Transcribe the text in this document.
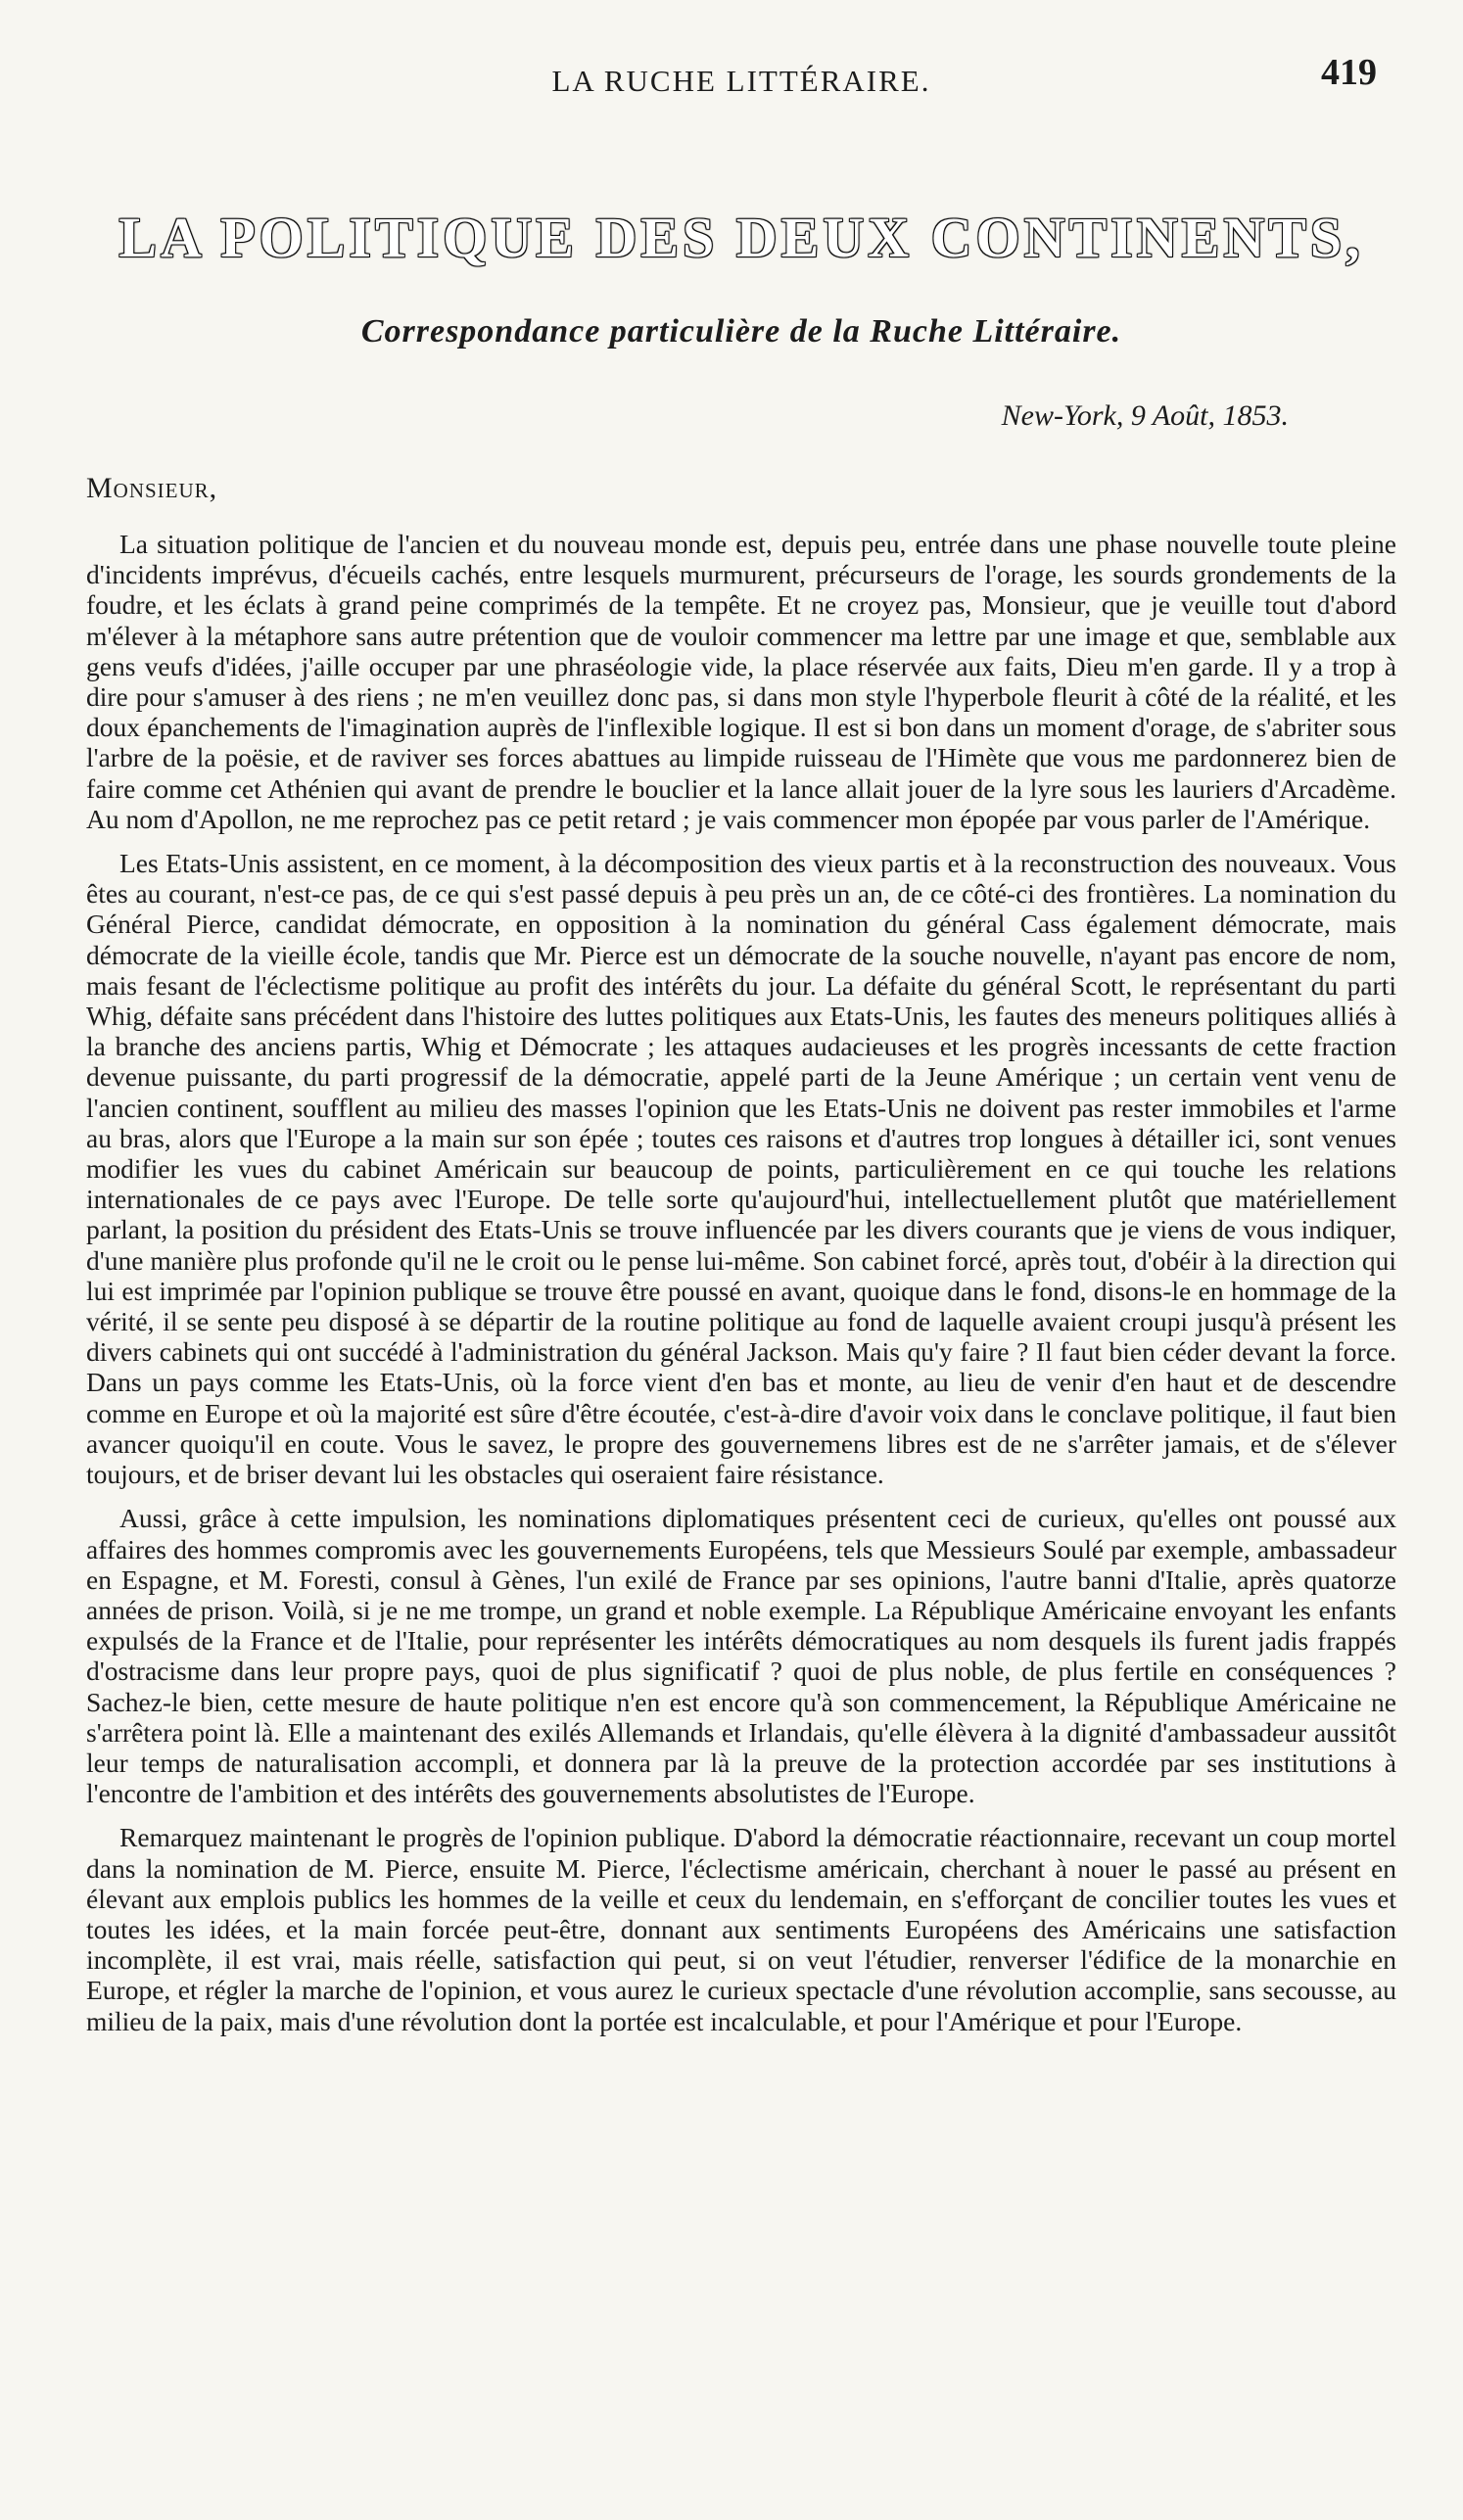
LA RUCHE LITTÉRAIRE.	419
LA POLITIQUE DES DEUX CONTINENTS,
Correspondance particulière de la Ruche Littéraire.
New-York, 9 Août, 1853.
Monsieur,

La situation politique de l'ancien et du nouveau monde est, depuis peu, entrée dans une phase nouvelle toute pleine d'incidents imprévus, d'écueils cachés, entre lesquels murmurent, précurseurs de l'orage, les sourds grondements de la foudre, et les éclats à grand peine comprimés de la tempête. Et ne croyez pas, Monsieur, que je veuille tout d'abord m'élever à la métaphore sans autre prétention que de vouloir commencer ma lettre par une image et que, semblable aux gens veufs d'idées, j'aille occuper par une phraséologie vide, la place réservée aux faits, Dieu m'en garde. Il y a trop à dire pour s'amuser à des riens ; ne m'en veuillez donc pas, si dans mon style l'hyperbole fleurit à côté de la réalité, et les doux épanchements de l'imagination auprès de l'inflexible logique. Il est si bon dans un moment d'orage, de s'abriter sous l'arbre de la poësie, et de raviver ses forces abattues au limpide ruisseau de l'Himète que vous me pardonnerez bien de faire comme cet Athénien qui avant de prendre le bouclier et la lance allait jouer de la lyre sous les lauriers d'Arcadème. Au nom d'Apollon, ne me reprochez pas ce petit retard ; je vais commencer mon épopée par vous parler de l'Amérique.

Les Etats-Unis assistent, en ce moment, à la décomposition des vieux partis et à la reconstruction des nouveaux. Vous êtes au courant, n'est-ce pas, de ce qui s'est passé depuis à peu près un an, de ce côté-ci des frontières. La nomination du Général Pierce, candidat démocrate, en opposition à la nomination du général Cass également démocrate, mais démocrate de la vieille école, tandis que Mr. Pierce est un démocrate de la souche nouvelle, n'ayant pas encore de nom, mais fesant de l'éclectisme politique au profit des intérêts du jour. La défaite du général Scott, le représentant du parti Whig, défaite sans précédent dans l'histoire des luttes politiques aux Etats-Unis, les fautes des meneurs politiques alliés à la branche des anciens partis, Whig et Démocrate ; les attaques audacieuses et les progrès incessants de cette fraction devenue puissante, du parti progressif de la démocratie, appelé parti de la Jeune Amérique ; un certain vent venu de l'ancien continent, soufflent au milieu des masses l'opinion que les Etats-Unis ne doivent pas rester immobiles et l'arme au bras, alors que l'Europe a la main sur son épée ; toutes ces raisons et d'autres trop longues à détailler ici, sont venues modifier les vues du cabinet Américain sur beaucoup de points, particulièrement en ce qui touche les relations internationales de ce pays avec l'Europe. De telle sorte qu'aujourd'hui, intellectuellement plutôt que matériellement parlant, la position du président des Etats-Unis se trouve influencée par les divers courants que je viens de vous indiquer, d'une manière plus profonde qu'il ne le croit ou le pense lui-même. Son cabinet forcé, après tout, d'obéir à la direction qui lui est imprimée par l'opinion publique se trouve être poussé en avant, quoique dans le fond, disons-le en hommage de la vérité, il se sente peu disposé à se départir de la routine politique au fond de laquelle avaient croupi jusqu'à présent les divers cabinets qui ont succédé à l'administration du général Jackson. Mais qu'y faire ? Il faut bien céder devant la force. Dans un pays comme les Etats-Unis, où la force vient d'en bas et monte, au lieu de venir d'en haut et de descendre comme en Europe et où la majorité est sûre d'être écoutée, c'est-à-dire d'avoir voix dans le conclave politique, il faut bien avancer quoiqu'il en coute. Vous le savez, le propre des gouvernemens libres est de ne s'arrêter jamais, et de s'élever toujours, et de briser devant lui les obstacles qui oseraient faire résistance.

Aussi, grâce à cette impulsion, les nominations diplomatiques présentent ceci de curieux, qu'elles ont poussé aux affaires des hommes compromis avec les gouvernements Européens, tels que Messieurs Soulé par exemple, ambassadeur en Espagne, et M. Foresti, consul à Gènes, l'un exilé de France par ses opinions, l'autre banni d'Italie, après quatorze années de prison. Voilà, si je ne me trompe, un grand et noble exemple. La République Américaine envoyant les enfants expulsés de la France et de l'Italie, pour représenter les intérêts démocratiques au nom desquels ils furent jadis frappés d'ostracisme dans leur propre pays, quoi de plus significatif ? quoi de plus noble, de plus fertile en conséquences ? Sachez-le bien, cette mesure de haute politique n'en est encore qu'à son commencement, la République Américaine ne s'arrêtera point là. Elle a maintenant des exilés Allemands et Irlandais, qu'elle élèvera à la dignité d'ambassadeur aussitôt leur temps de naturalisation accompli, et donnera par là la preuve de la protection accordée par ses institutions à l'encontre de l'ambition et des intérêts des gouvernements absolutistes de l'Europe.

Remarquez maintenant le progrès de l'opinion publique. D'abord la démocratie réactionnaire, recevant un coup mortel dans la nomination de M. Pierce, ensuite M. Pierce, l'éclectisme américain, cherchant à nouer le passé au présent en élevant aux emplois publics les hommes de la veille et ceux du lendemain, en s'efforçant de concilier toutes les vues et toutes les idées, et la main forcée peut-être, donnant aux sentiments Européens des Américains une satisfaction incomplète, il est vrai, mais réelle, satisfaction qui peut, si on veut l'étudier, renverser l'édifice de la monarchie en Europe, et régler la marche de l'opinion, et vous aurez le curieux spectacle d'une révolution accomplie, sans secousse, au milieu de la paix, mais d'une révolution dont la portée est incalculable, et pour l'Amérique et pour l'Europe.
